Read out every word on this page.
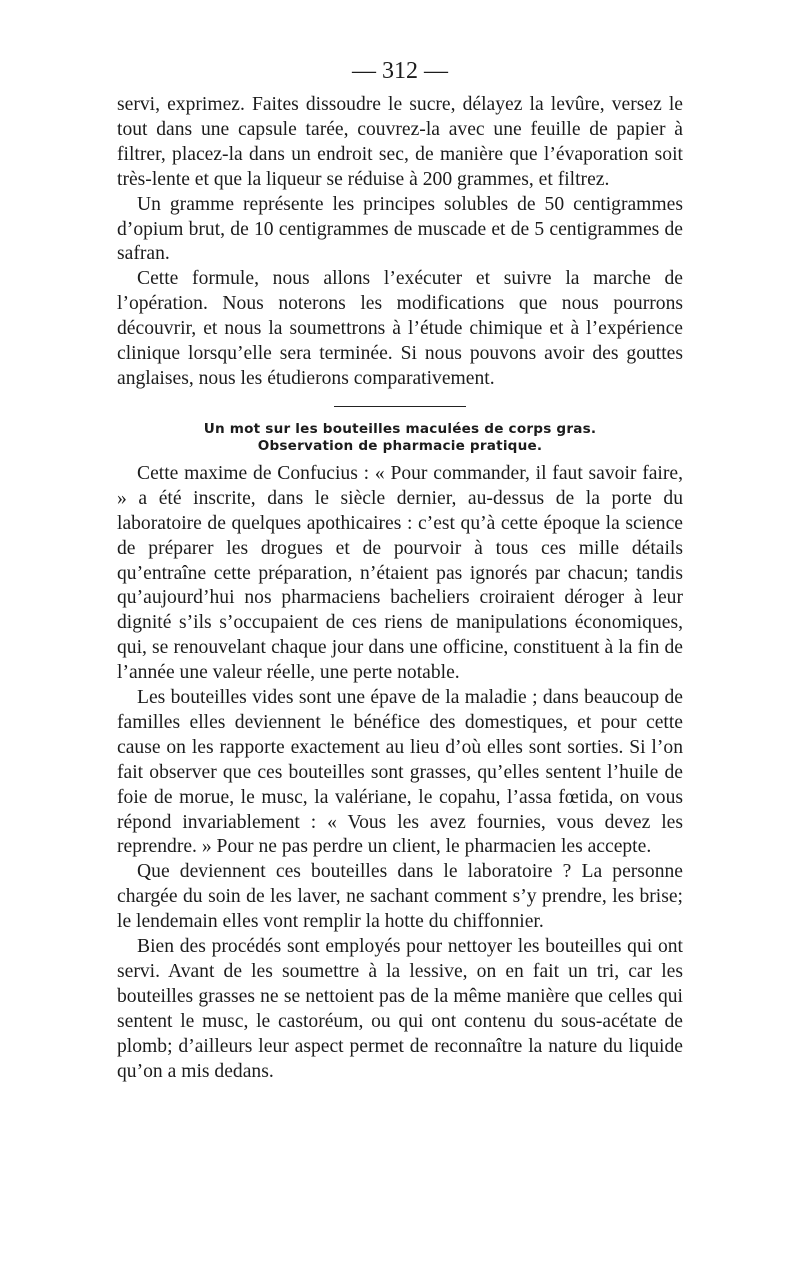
— 312 —

servi, exprimez. Faites dissoudre le sucre, délayez la levûre, versez le tout dans une capsule tarée, couvrez-la avec une feuille de papier à filtrer, placez-la dans un endroit sec, de manière que l’évaporation soit très-lente et que la liqueur se réduise à 200 grammes, et filtrez.

Un gramme représente les principes solubles de 50 centigrammes d’opium brut, de 10 centigrammes de muscade et de 5 centigrammes de safran.

Cette formule, nous allons l’exécuter et suivre la marche de l’opération. Nous noterons les modifications que nous pourrons découvrir, et nous la soumettrons à l’étude chimique et à l’expérience clinique lorsqu’elle sera terminée. Si nous pouvons avoir des gouttes anglaises, nous les étudierons comparativement.

Un mot sur les bouteilles maculées de corps gras.
Observation de pharmacie pratique.

Cette maxime de Confucius : « Pour commander, il faut savoir faire, » a été inscrite, dans le siècle dernier, au-dessus de la porte du laboratoire de quelques apothicaires : c’est qu’à cette époque la science de préparer les drogues et de pourvoir à tous ces mille détails qu’entraîne cette préparation, n’étaient pas ignorés par chacun; tandis qu’aujourd’hui nos pharmaciens bacheliers croiraient déroger à leur dignité s’ils s’occupaient de ces riens de manipulations économiques, qui, se renouvelant chaque jour dans une officine, constituent à la fin de l’année une valeur réelle, une perte notable.

Les bouteilles vides sont une épave de la maladie ; dans beaucoup de familles elles deviennent le bénéfice des domestiques, et pour cette cause on les rapporte exactement au lieu d’où elles sont sorties. Si l’on fait observer que ces bouteilles sont grasses, qu’elles sentent l’huile de foie de morue, le musc, la valériane, le copahu, l’assa fœtida, on vous répond invariablement : « Vous les avez fournies, vous devez les reprendre. » Pour ne pas perdre un client, le pharmacien les accepte.

Que deviennent ces bouteilles dans le laboratoire ? La personne chargée du soin de les laver, ne sachant comment s’y prendre, les brise; le lendemain elles vont remplir la hotte du chiffonnier.

Bien des procédés sont employés pour nettoyer les bouteilles qui ont servi. Avant de les soumettre à la lessive, on en fait un tri, car les bouteilles grasses ne se nettoient pas de la même manière que celles qui sentent le musc, le castoréum, ou qui ont contenu du sous-acétate de plomb; d’ailleurs leur aspect permet de reconnaître la nature du liquide qu’on a mis dedans.
